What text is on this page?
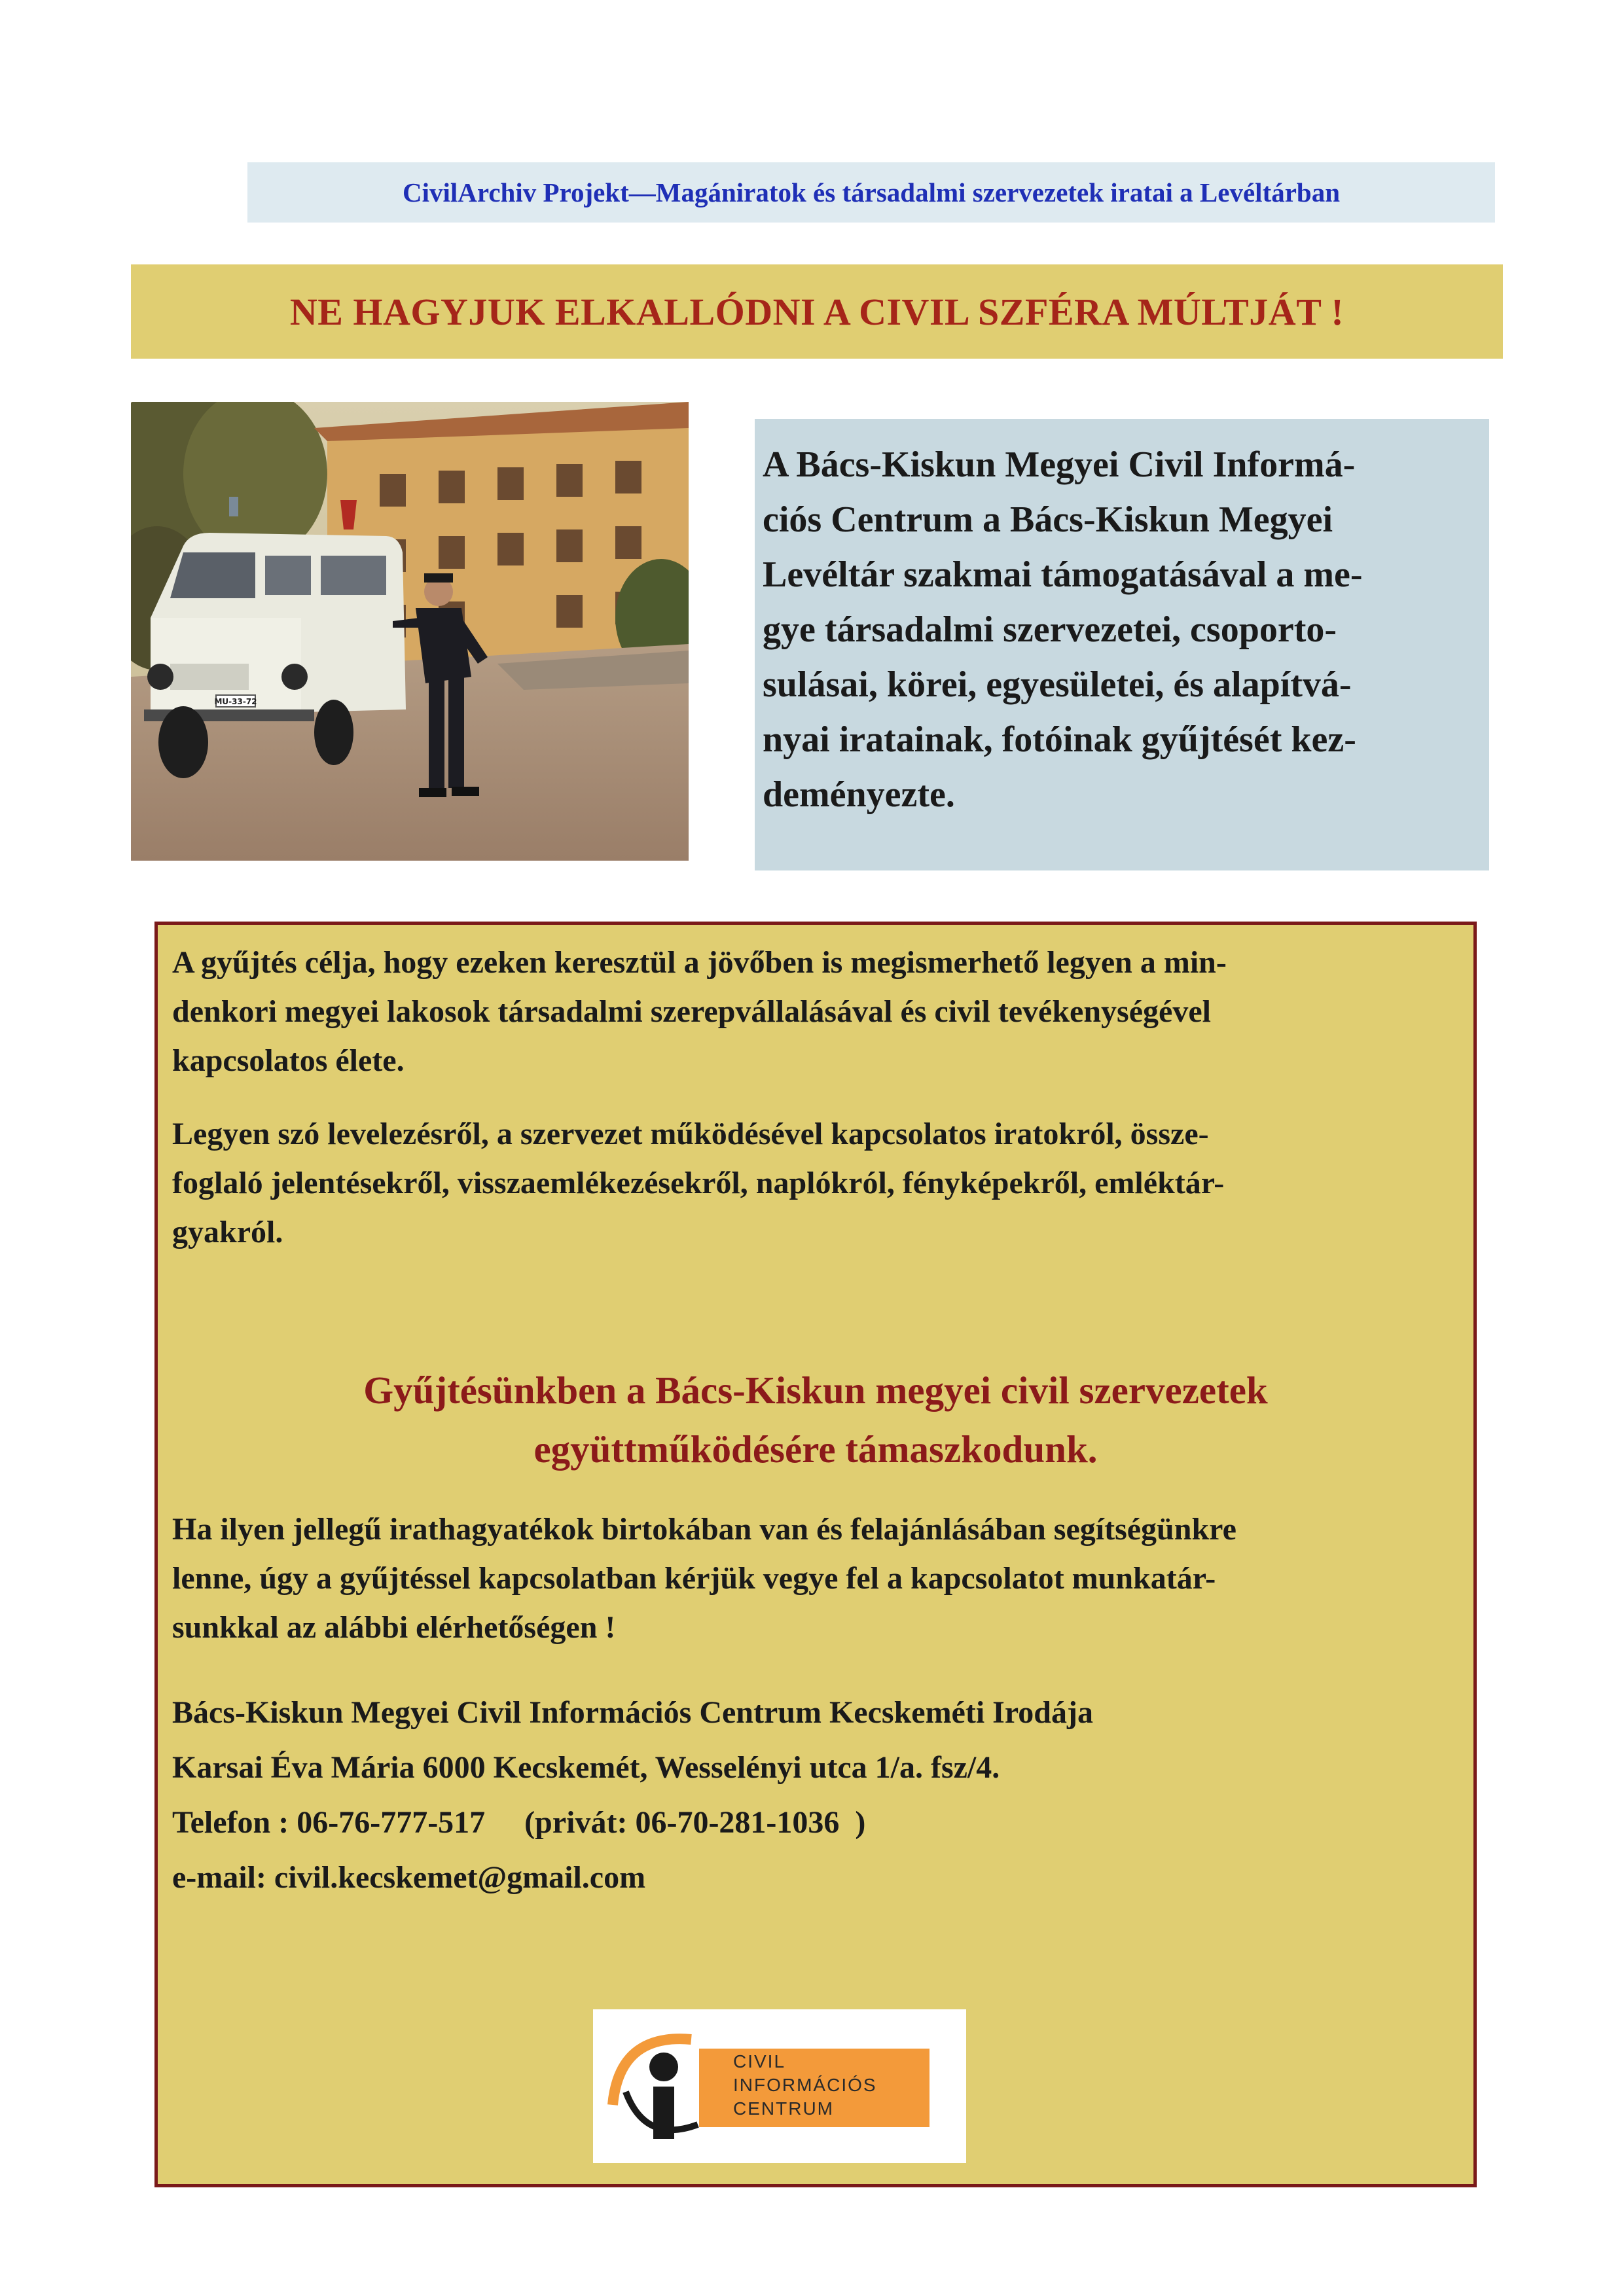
CivilArchiv Projekt—Magániratok és társadalmi szervezetek iratai a Levéltárban
NE HAGYJUK ELKALLÓDNI A CIVIL SZFÉRA MÚLTJÁT !
MU-33-72
A Bács-Kiskun Megyei Civil Informá-
ciós Centrum a Bács-Kiskun Megyei
Levéltár szakmai támogatásával a me-
gye társadalmi szervezetei, csoporto-
sulásai, körei, egyesületei, és alapítvá-
nyai iratainak, fotóinak gyűjtését kez-
deményezte.
A gyűjtés célja, hogy ezeken keresztül a jövőben is megismerhető legyen a min-
denkori megyei lakosok társadalmi szerepvállalásával és civil tevékenységével
kapcsolatos élete.
Legyen szó levelezésről, a szervezet működésével kapcsolatos iratokról, össze-
foglaló jelentésekről, visszaemlékezésekről, naplókról, fényképekről, emléktár-
gyakról.
Gyűjtésünkben a Bács-Kiskun megyei civil szervezetek
együttműködésére támaszkodunk.
Ha ilyen jellegű irathagyatékok birtokában van és felajánlásában segítségünkre
lenne, úgy a gyűjtéssel kapcsolatban kérjük vegye fel a kapcsolatot munkatár-
sunkkal az alábbi elérhetőségen !
Bács-Kiskun Megyei Civil Információs Centrum Kecskeméti Irodája
Karsai Éva Mária 6000 Kecskemét, Wesselényi utca 1/a. fsz/4.
Telefon : 06-76-777-517     (privát: 06-70-281-1036  )
e-mail: civil.kecskemet@gmail.com
CIVIL
INFORMÁCIÓS
CENTRUM
